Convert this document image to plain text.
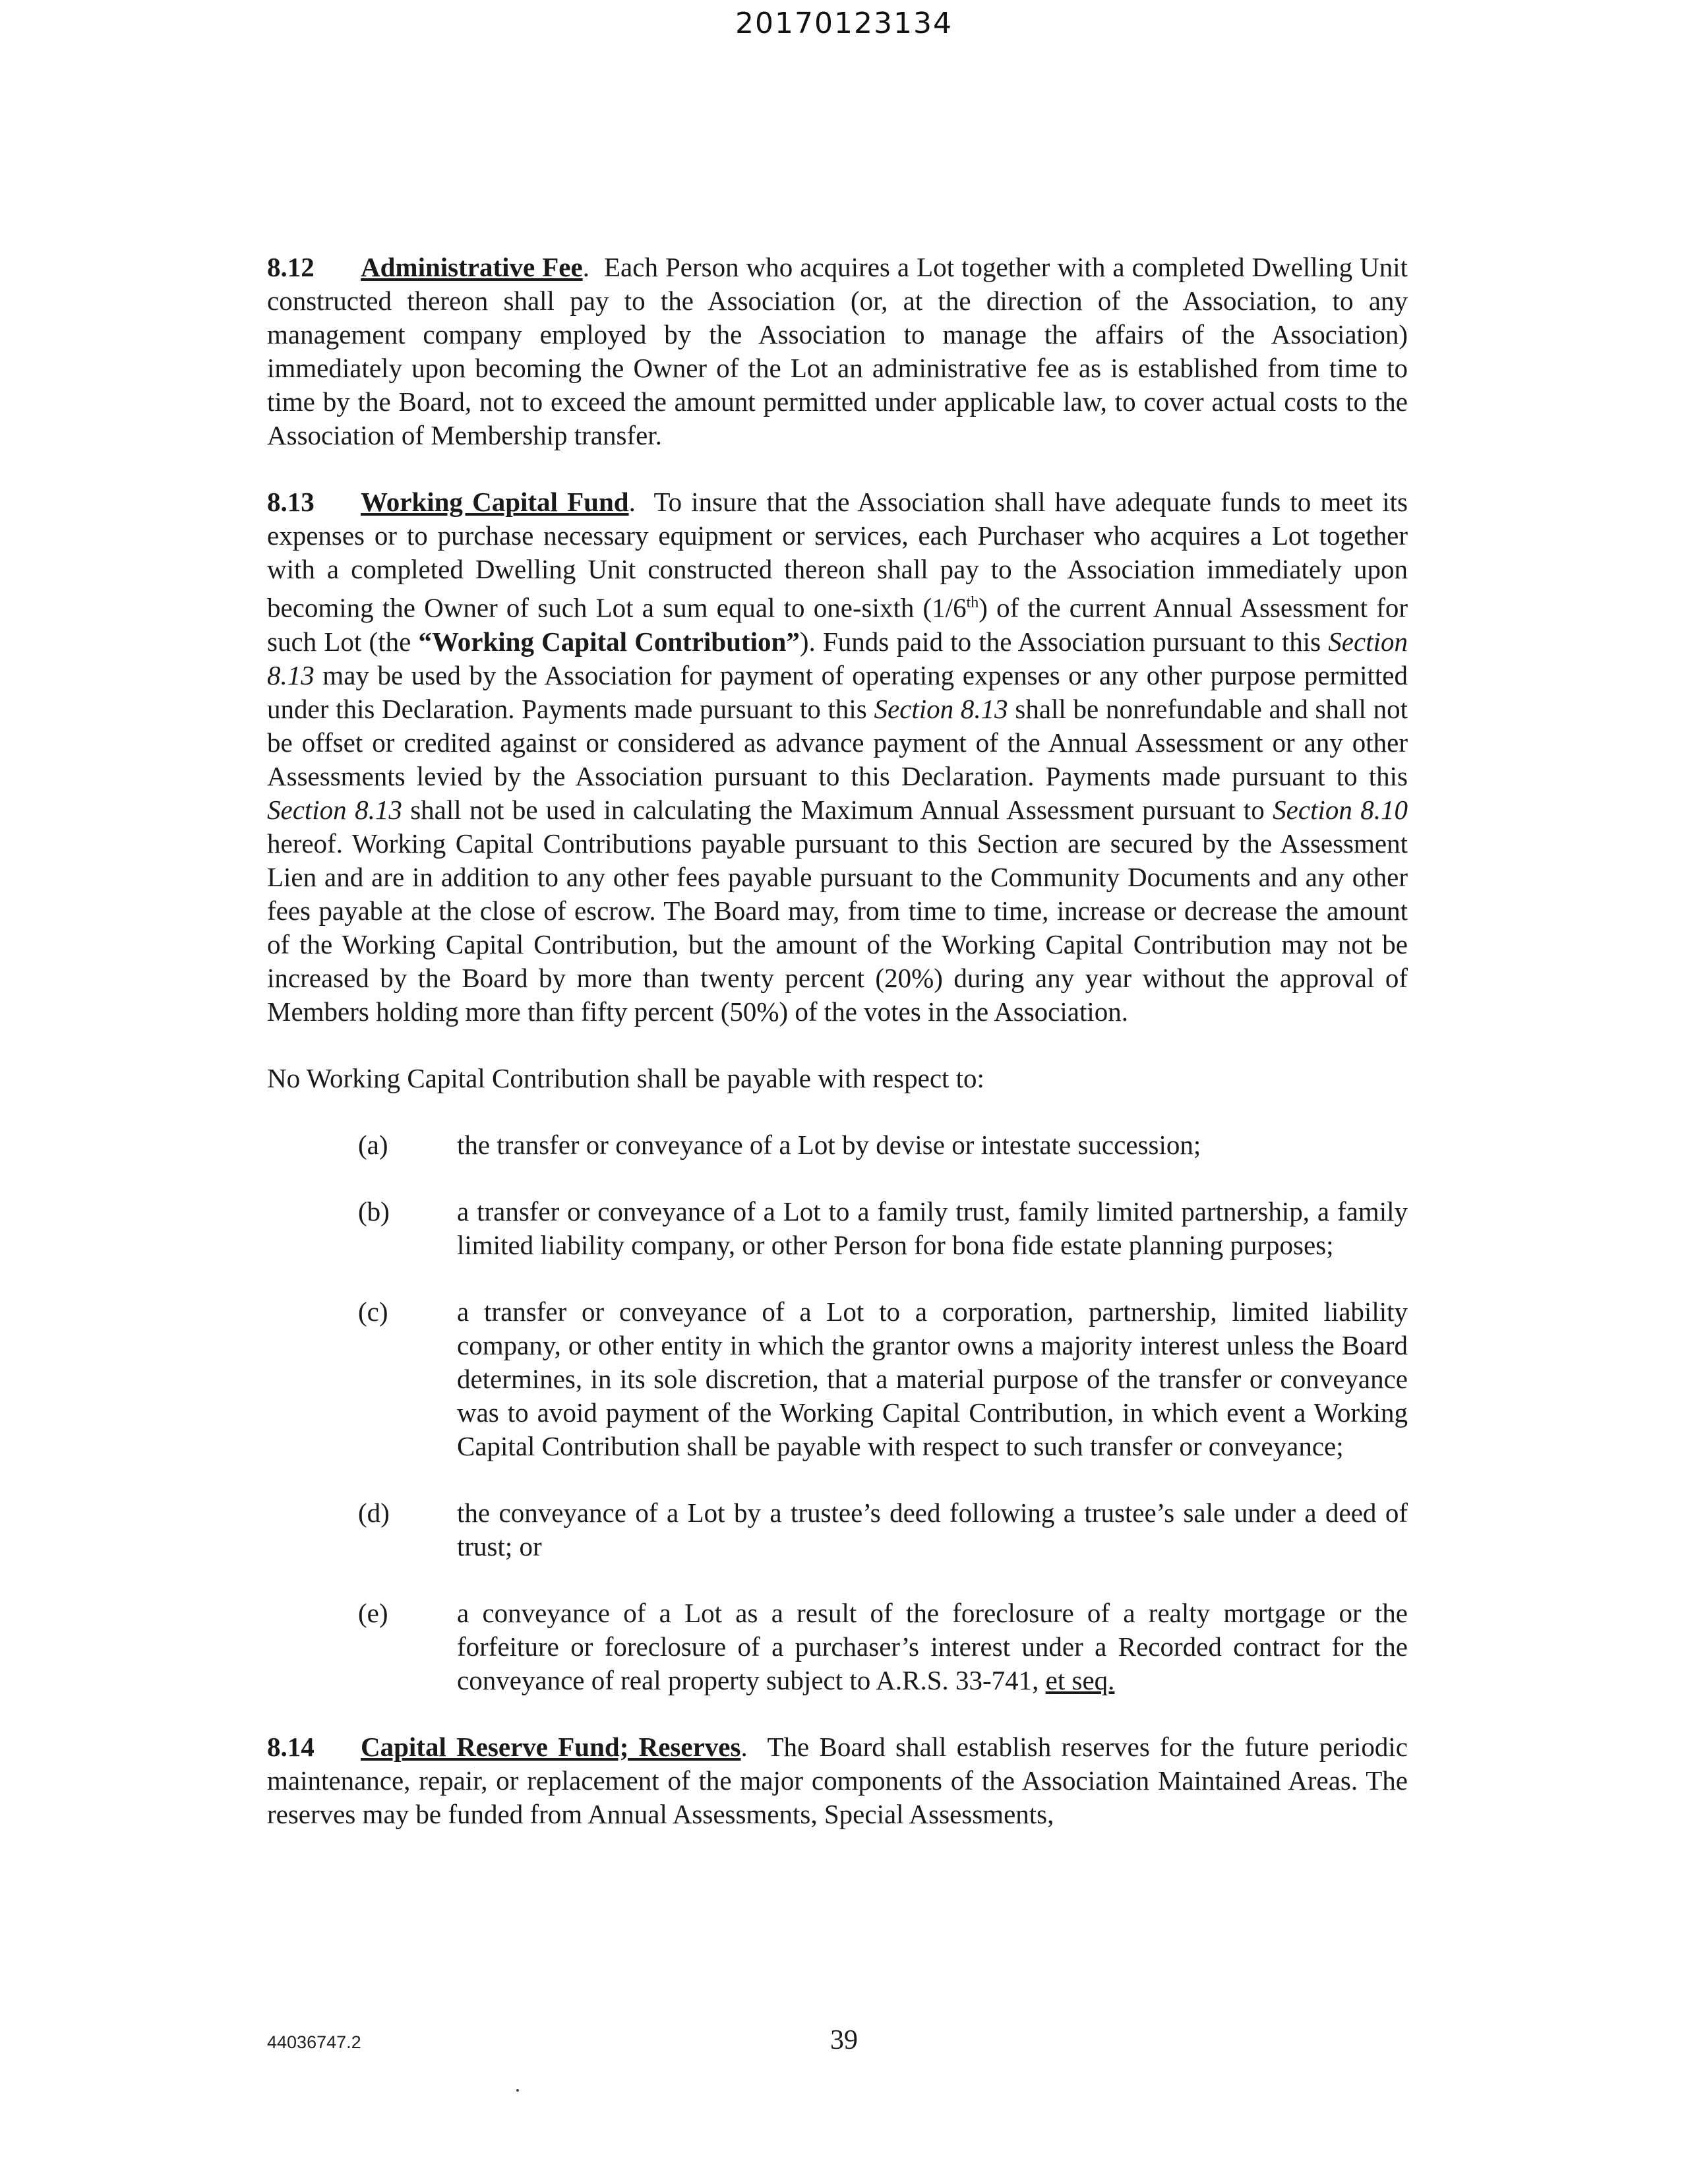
20170123134

8.12 Administrative Fee.  Each Person who acquires a Lot together with a completed Dwelling Unit constructed thereon shall pay to the Association (or, at the direction of the Association, to any management company employed by the Association to manage the affairs of the Association) immediately upon becoming the Owner of the Lot an administrative fee as is established from time to time by the Board, not to exceed the amount permitted under applicable law, to cover actual costs to the Association of Membership transfer.

8.13 Working Capital Fund.  To insure that the Association shall have adequate funds to meet its expenses or to purchase necessary equipment or services, each Purchaser who acquires a Lot together with a completed Dwelling Unit constructed thereon shall pay to the Association immediately upon becoming the Owner of such Lot a sum equal to one-sixth (1/6th) of the current Annual Assessment for such Lot (the “Working Capital Contribution”). Funds paid to the Association pursuant to this Section 8.13 may be used by the Association for payment of operating expenses or any other purpose permitted under this Declaration. Payments made pursuant to this Section 8.13 shall be nonrefundable and shall not be offset or credited against or considered as advance payment of the Annual Assessment or any other Assessments levied by the Association pursuant to this Declaration. Payments made pursuant to this Section 8.13 shall not be used in calculating the Maximum Annual Assessment pursuant to Section 8.10 hereof. Working Capital Contributions payable pursuant to this Section are secured by the Assessment Lien and are in addition to any other fees payable pursuant to the Community Documents and any other fees payable at the close of escrow. The Board may, from time to time, increase or decrease the amount of the Working Capital Contribution, but the amount of the Working Capital Contribution may not be increased by the Board by more than twenty percent (20%) during any year without the approval of Members holding more than fifty percent (50%) of the votes in the Association.

No Working Capital Contribution shall be payable with respect to:

(a)	the transfer or conveyance of a Lot by devise or intestate succession;
(b) a transfer or conveyance of a Lot to a family trust, family limited partnership, a family limited liability company, or other Person for bona fide estate planning purposes;
(c)	a transfer or conveyance of a Lot to a corporation, partnership, limited liability company, or other entity in which the grantor owns a majority interest unless the Board determines, in its sole discretion, that a material purpose of the transfer or conveyance was to avoid payment of the Working Capital Contribution, in which event a Working Capital Contribution shall be payable with respect to such transfer or conveyance;
(d) the conveyance of a Lot by a trustee’s deed following a trustee’s sale under a deed of trust; or
(e)	a conveyance of a Lot as a result of the foreclosure of a realty mortgage or the forfeiture or foreclosure of a purchaser’s interest under a Recorded contract for the conveyance of real property subject to A.R.S. 33-741, et seq.

8.14 Capital Reserve Fund; Reserves.  The Board shall establish reserves for the future periodic maintenance, repair, or replacement of the major components of the Association Maintained Areas. The reserves may be funded from Annual Assessments, Special Assessments,

44036747.2	39
